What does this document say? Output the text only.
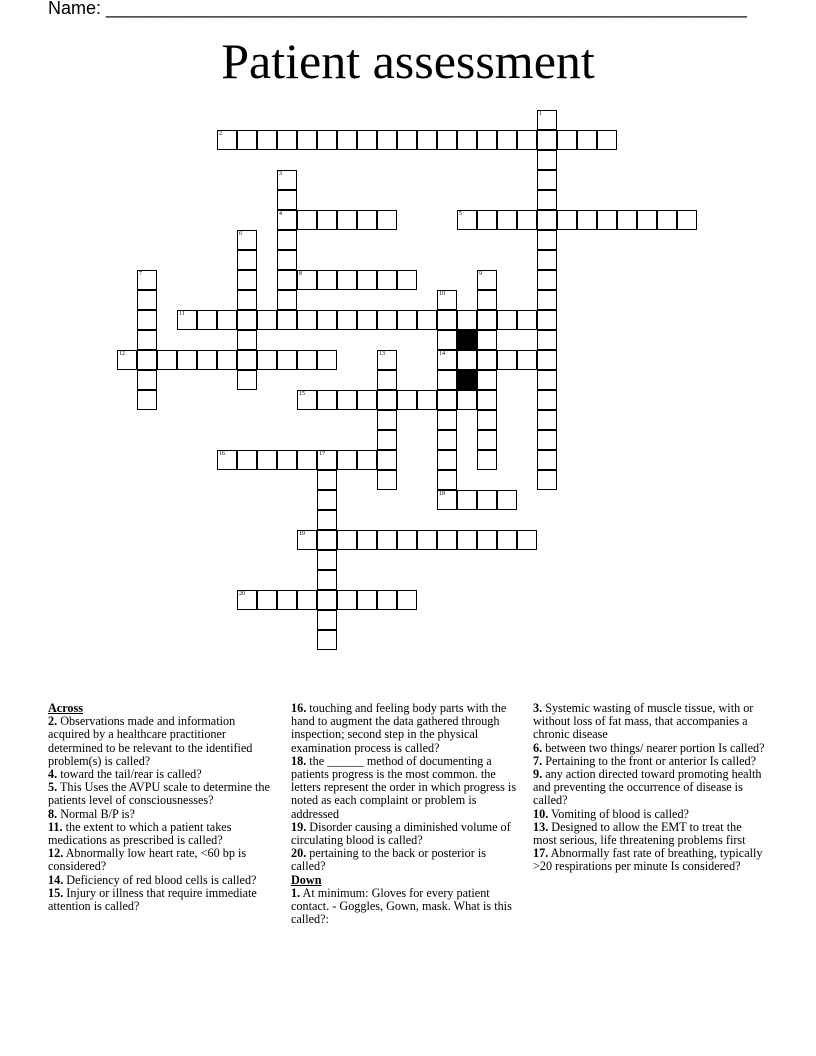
Name: ________________________________________________________________
Patient assessment
1
2
3
4	5
6
7	8	9
10
14
11
12	13
15
16	17
18
19
20

Across

2. Observations made and information acquired by a healthcare practitioner determined to be relevant to the identified problem(s) is called?

4. toward the tail/rear is called?

5. This Uses the AVPU scale to determine the patients level of consciousnesses?

8. Normal B/P is?

11. the extent to which a patient takes medications as prescribed is called?

12. Abnormally low heart rate, <60 bp is considered?

14. Deficiency of red blood cells is called?

15. Injury or illness that require immediate attention is called?

16. touching and feeling body parts with the hand to augment the data gathered through inspection; second step in the physical examination process is called?

18. the ______ method of documenting a patients progress is the most common. the letters represent the order in which progress is noted as each complaint or problem is addressed

19. Disorder causing a diminished volume of circulating blood is called?

20. pertaining to the back or posterior is called?

Down

1. At minimum: Gloves for every patient contact. - Goggles, Gown, mask. What is this called?:

3. Systemic wasting of muscle tissue, with or without loss of fat mass, that accompanies a chronic disease

6. between two things/ nearer portion Is called?

7. Pertaining to the front or anterior Is called?

9. any action directed toward promoting health and preventing the occurrence of disease is called?

10. Vomiting of blood is called?

13. Designed to allow the EMT to treat the most serious, life threatening problems first

17. Abnormally fast rate of breathing, typically >20 respirations per minute Is considered?
